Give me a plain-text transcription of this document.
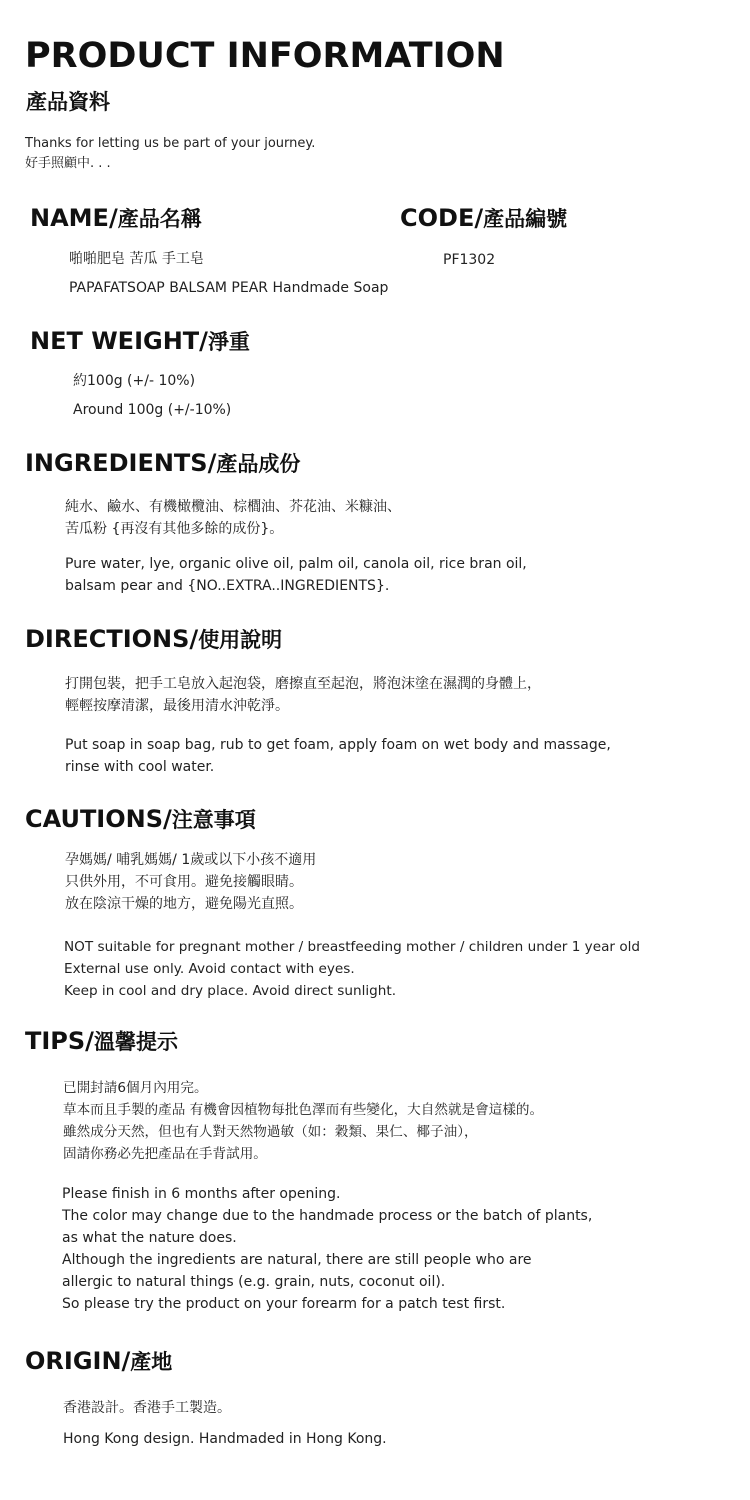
PRODUCT INFORMATION
產品資料
Thanks for letting us be part of your journey.
好手照顧中. . .
NAME/產品名稱
啪啪肥皂 苦瓜 手工皂
PAPAFATSOAP BALSAM PEAR Handmade Soap
CODE/產品編號
PF1302
NET WEIGHT/淨重
約100g (+/- 10%)
Around 100g (+/-10%)
INGREDIENTS/產品成份
純水、鹼水、有機橄欖油、棕櫚油、芥花油、米糠油、
苦瓜粉 {再沒有其他多餘的成份}。
Pure water, lye, organic olive oil, palm oil, canola oil, rice bran oil,
balsam pear and {NO..EXTRA..INGREDIENTS}.
DIRECTIONS/使用說明
打開包裝，把手工皂放入起泡袋，磨擦直至起泡，將泡沫塗在濕潤的身體上，
輕輕按摩清潔，最後用清水沖乾淨。
Put soap in soap bag, rub to get foam, apply foam on wet body and massage,
rinse with cool water.
CAUTIONS/注意事項
孕媽媽/ 哺乳媽媽/ 1歲或以下小孩不適用
只供外用，不可食用。避免接觸眼睛。
放在陰涼干燥的地方，避免陽光直照。
NOT suitable for pregnant mother / breastfeeding mother / children under 1 year old
External use only. Avoid contact with eyes.
Keep in cool and dry place. Avoid direct sunlight.
TIPS/溫馨提示
已開封請6個月內用完。
草本而且手製的產品 有機會因植物每批色澤而有些變化，大自然就是會這樣的。
雖然成分天然，但也有人對天然物過敏（如：穀類、果仁、椰子油），
固請你務必先把產品在手背試用。
Please finish in 6 months after opening.
The color may change due to the handmade process or the batch of plants,
as what the nature does.
Although the ingredients are natural, there are still people who are
allergic to natural things (e.g. grain, nuts, coconut oil).
So please try the product on your forearm for a patch test first.
ORIGIN/產地
香港設計。香港手工製造。
Hong Kong design. Handmaded in Hong Kong.
